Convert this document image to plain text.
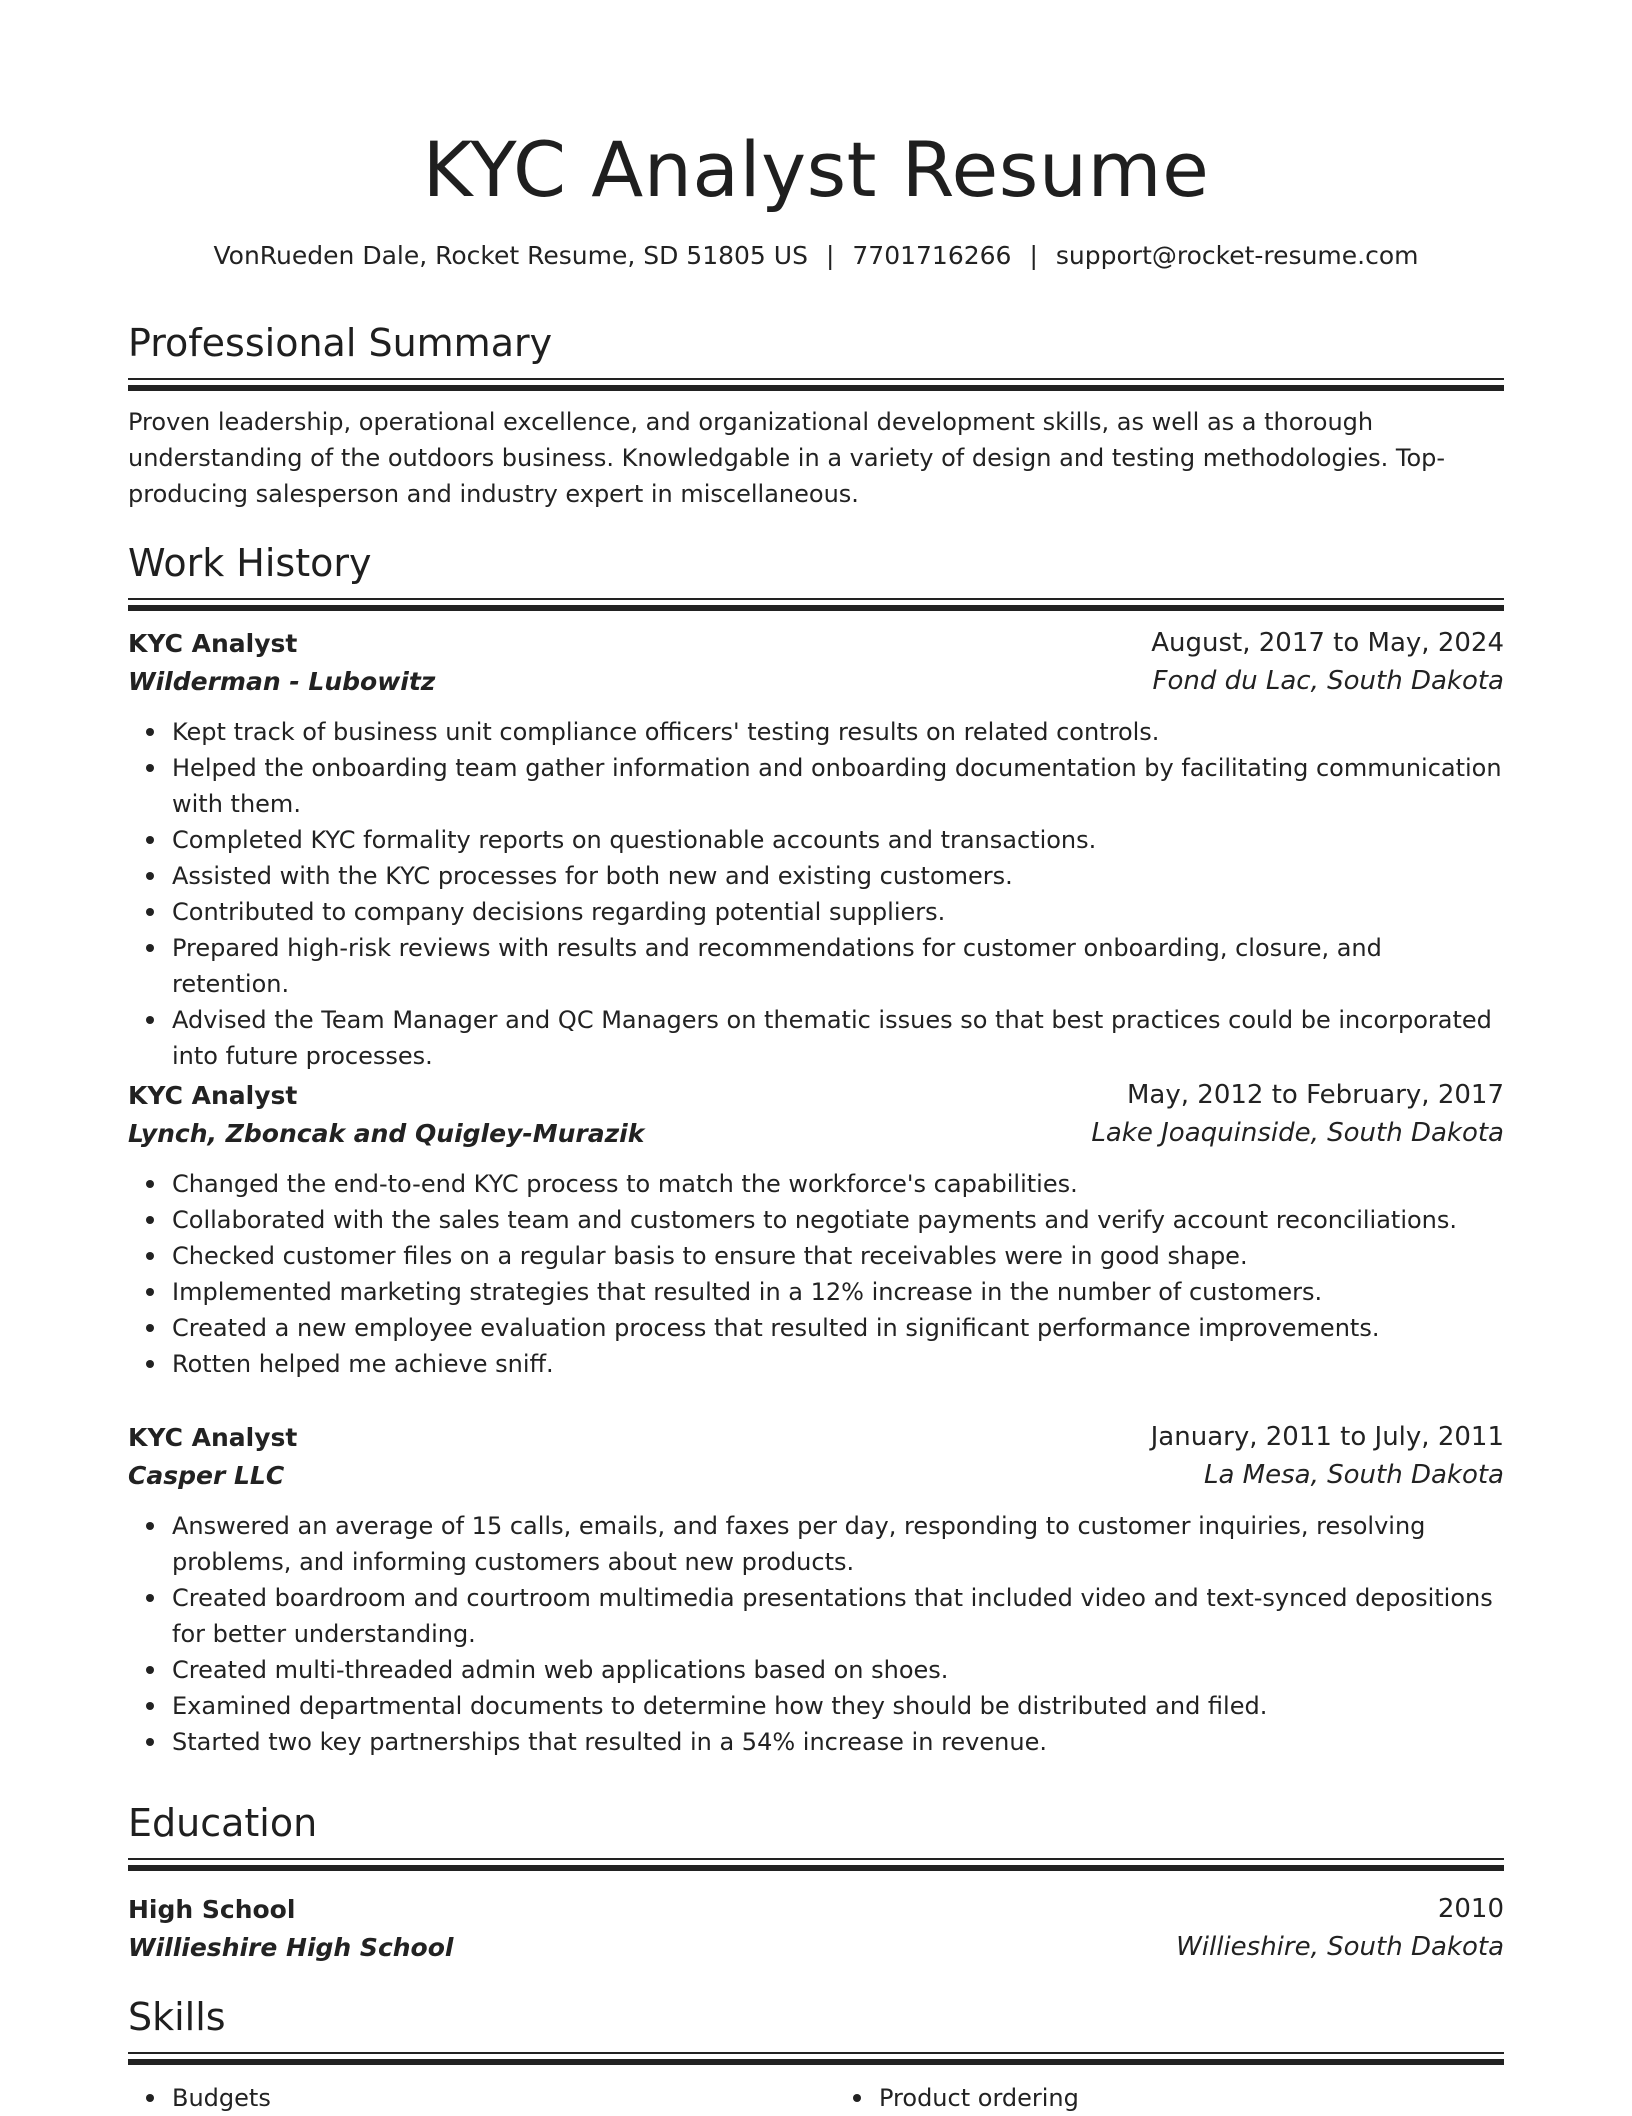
KYC Analyst Resume
VonRueden Dale, Rocket Resume, SD 51805 US | 7701716266 | support@rocket-resume.com
Professional Summary
Proven leadership, operational excellence, and organizational development skills, as well as a thorough understanding of the outdoors business. Knowledgable in a variety of design and testing methodologies. Top-producing salesperson and industry expert in miscellaneous.
Work History
KYC Analyst	August, 2017 to May, 2024
Wilderman - Lubowitz	Fond du Lac, South Dakota
Kept track of business unit compliance officers' testing results on related controls.
Helped the onboarding team gather information and onboarding documentation by facilitating communication with them.
Completed KYC formality reports on questionable accounts and transactions.
Assisted with the KYC processes for both new and existing customers.
Contributed to company decisions regarding potential suppliers.
Prepared high-risk reviews with results and recommendations for customer onboarding, closure, and retention.
Advised the Team Manager and QC Managers on thematic issues so that best practices could be incorporated into future processes.
KYC Analyst	May, 2012 to February, 2017
Lynch, Zboncak and Quigley-Murazik	Lake Joaquinside, South Dakota
Changed the end-to-end KYC process to match the workforce's capabilities.
Collaborated with the sales team and customers to negotiate payments and verify account reconciliations.
Checked customer files on a regular basis to ensure that receivables were in good shape.
Implemented marketing strategies that resulted in a 12% increase in the number of customers.
Created a new employee evaluation process that resulted in significant performance improvements.
Rotten helped me achieve sniff.
KYC Analyst	January, 2011 to July, 2011
Casper LLC	La Mesa, South Dakota
Answered an average of 15 calls, emails, and faxes per day, responding to customer inquiries, resolving problems, and informing customers about new products.
Created boardroom and courtroom multimedia presentations that included video and text-synced depositions for better understanding.
Created multi-threaded admin web applications based on shoes.
Examined departmental documents to determine how they should be distributed and filed.
Started two key partnerships that resulted in a 54% increase in revenue.
Education
High School	2010
Willieshire High School	Willieshire, South Dakota
Skills
Budgets	Product ordering
